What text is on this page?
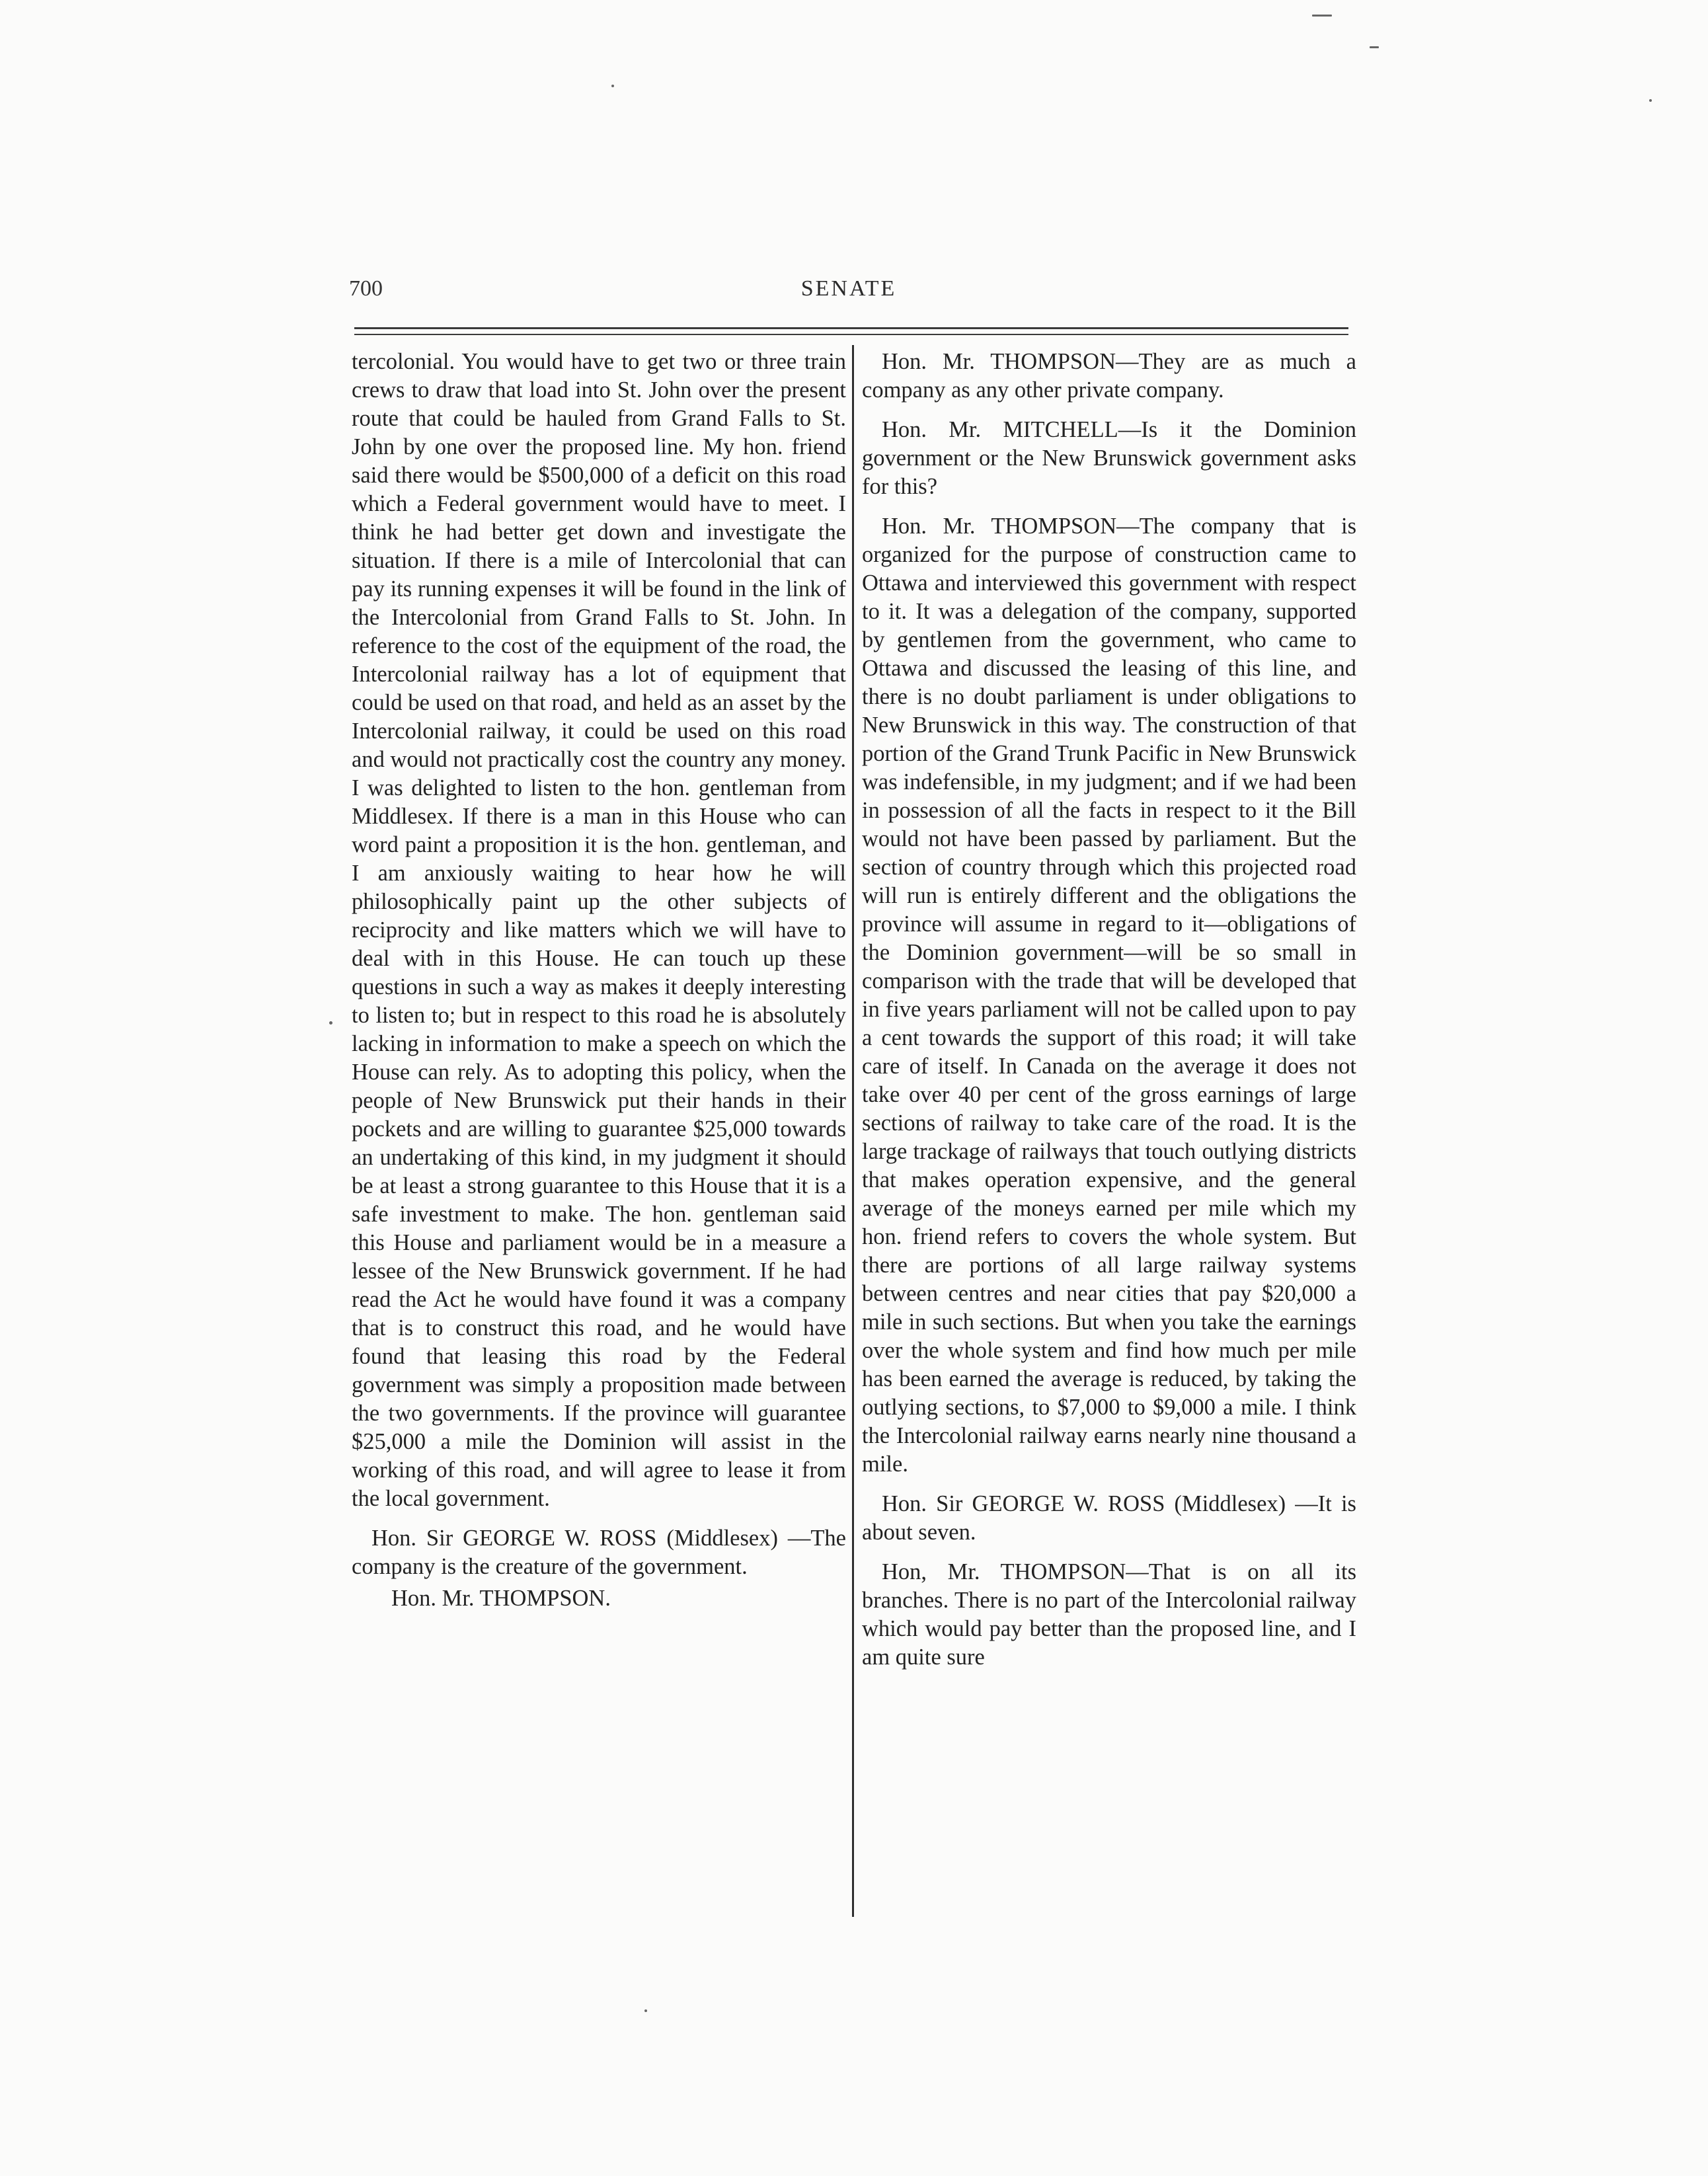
700	SENATE

tercolonial. You would have to get two or three train crews to draw that load into St. John over the present route that could be hauled from Grand Falls to St. John by one over the proposed line. My hon. friend said there would be $500,000 of a deficit on this road which a Federal government would have to meet. I think he had better get down and investigate the situation. If there is a mile of Intercolonial that can pay its running expenses it will be found in the link of the Intercolonial from Grand Falls to St. John. In reference to the cost of the equipment of the road, the Intercolonial railway has a lot of equipment that could be used on that road, and held as an asset by the Intercolonial railway, it could be used on this road and would not practically cost the country any money. I was delighted to listen to the hon. gentleman from Middlesex. If there is a man in this House who can word paint a proposition it is the hon. gentleman, and I am anxiously waiting to hear how he will philosophically paint up the other subjects of reciprocity and like matters which we will have to deal with in this House. He can touch up these questions in such a way as makes it deeply interesting to listen to; but in respect to this road he is absolutely lacking in information to make a speech on which the House can rely. As to adopting this policy, when the people of New Brunswick put their hands in their pockets and are willing to guarantee $25,000 towards an undertaking of this kind, in my judgment it should be at least a strong guarantee to this House that it is a safe investment to make. The hon. gentleman said this House and parliament would be in a measure a lessee of the New Brunswick government. If he had read the Act he would have found it was a company that is to construct this road, and he would have found that leasing this road by the Federal government was simply a proposition made between the two governments. If the province will guarantee $25,000 a mile the Dominion will assist in the working of this road, and will agree to lease it from the local government.

Hon. Sir GEORGE W. ROSS (Middlesex) —The company is the creature of the government.

Hon. Mr. THOMPSON.

Hon. Mr. THOMPSON—They are as much a company as any other private company.

Hon. Mr. MITCHELL—Is it the Dominion government or the New Brunswick government asks for this?

Hon. Mr. THOMPSON—The company that is organized for the purpose of construction came to Ottawa and interviewed this government with respect to it. It was a delegation of the company, supported by gentlemen from the government, who came to Ottawa and discussed the leasing of this line, and there is no doubt parliament is under obligations to New Brunswick in this way. The construction of that portion of the Grand Trunk Pacific in New Brunswick was indefensible, in my judgment; and if we had been in possession of all the facts in respect to it the Bill would not have been passed by parliament. But the section of country through which this projected road will run is entirely different and the obligations the province will assume in regard to it—obligations of the Dominion government—will be so small in comparison with the trade that will be developed that in five years parliament will not be called upon to pay a cent towards the support of this road; it will take care of itself. In Canada on the average it does not take over 40 per cent of the gross earnings of large sections of railway to take care of the road. It is the large trackage of railways that touch outlying districts that makes operation expensive, and the general average of the moneys earned per mile which my hon. friend refers to covers the whole system. But there are portions of all large railway systems between centres and near cities that pay $20,000 a mile in such sections. But when you take the earnings over the whole system and find how much per mile has been earned the average is reduced, by taking the outlying sections, to $7,000 to $9,000 a mile. I think the Intercolonial railway earns nearly nine thousand a mile.

Hon. Sir GEORGE W. ROSS (Middlesex) —It is about seven.

Hon, Mr. THOMPSON—That is on all its branches. There is no part of the Intercolonial railway which would pay better than the proposed line, and I am quite sure
